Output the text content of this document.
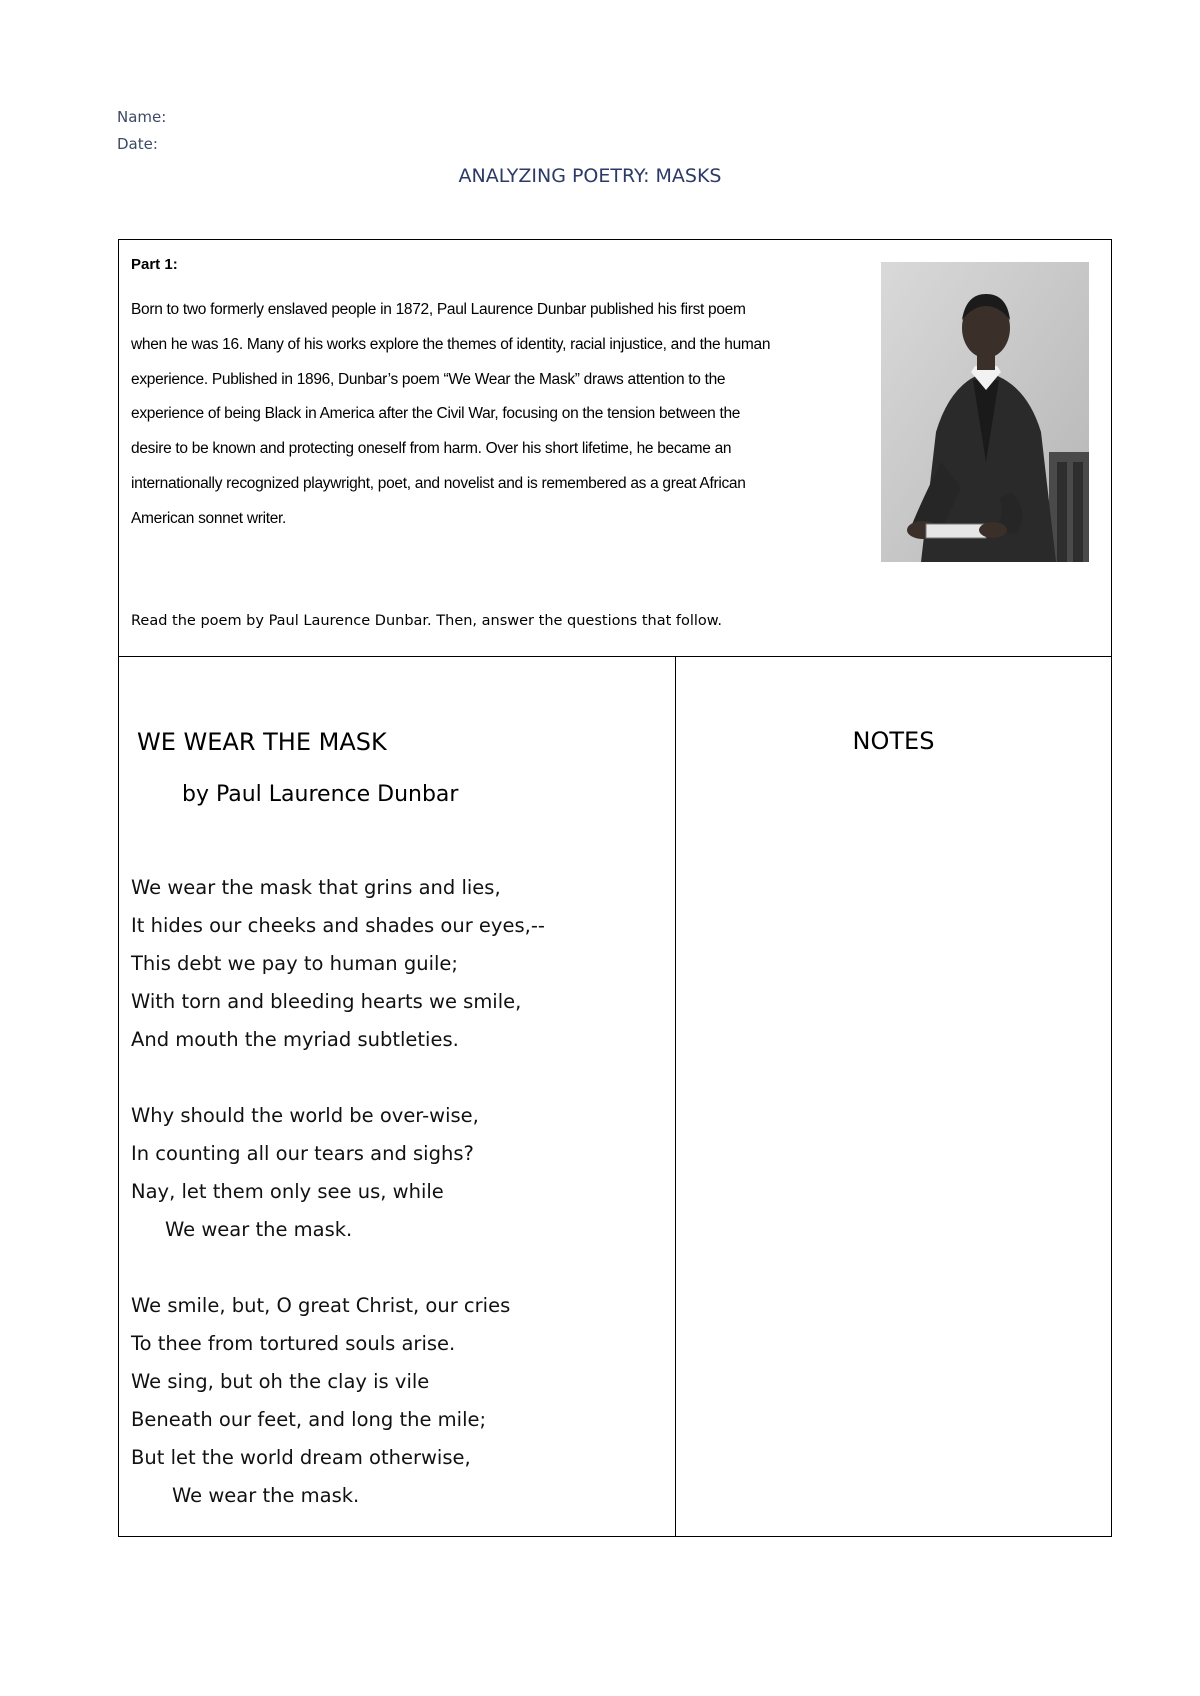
Name:
Date:
ANALYZING POETRY: MASKS
Part 1:
Born to two formerly enslaved people in 1872, Paul Laurence Dunbar published his first poem
when he was 16. Many of his works explore the themes of identity, racial injustice, and the human
experience. Published in 1896, Dunbar’s poem “We Wear the Mask” draws attention to the
experience of being Black in America after the Civil War, focusing on the tension between the
desire to be known and protecting oneself from harm. Over his short lifetime, he became an
internationally recognized playwright, poet, and novelist and is remembered as a great African
American sonnet writer.
Read the poem by Paul Laurence Dunbar. Then, answer the questions that follow.
WE WEAR THE MASK
by Paul Laurence Dunbar
We wear the mask that grins and lies,
It hides our cheeks and shades our eyes,--
This debt we pay to human guile;
With torn and bleeding hearts we smile,
And mouth the myriad subtleties.
Why should the world be over-wise,
In counting all our tears and sighs?
Nay, let them only see us, while
We wear the mask.
We smile, but, O great Christ, our cries
To thee from tortured souls arise.
We sing, but oh the clay is vile
Beneath our feet, and long the mile;
But let the world dream otherwise,
We wear the mask.
NOTES
